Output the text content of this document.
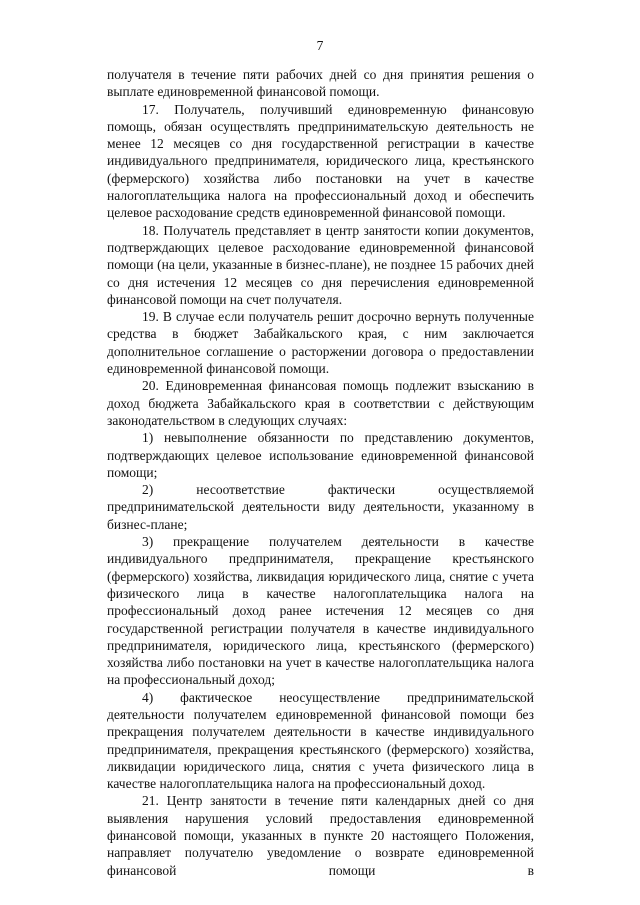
7

получателя в течение пяти рабочих дней со дня принятия решения о выплате единовременной финансовой помощи.

17. Получатель, получивший единовременную финансовую помощь, обязан осуществлять предпринимательскую деятельность не менее 12 месяцев со дня государственной регистрации в качестве индивидуального предпринимателя, юридического лица, крестьянского (фермерского) хозяйства либо постановки на учет в качестве налогоплательщика налога на профессиональный доход и обеспечить целевое расходование средств единовременной финансовой помощи.

18. Получатель представляет в центр занятости копии документов, подтверждающих целевое расходование единовременной финансовой помощи (на цели, указанные в бизнес-плане), не позднее 15 рабочих дней со дня истечения 12 месяцев со дня перечисления единовременной финансовой помощи на счет получателя.

19. В случае если получатель решит досрочно вернуть полученные средства в бюджет Забайкальского края, с ним заключается дополнительное соглашение о расторжении договора о предоставлении единовременной финансовой помощи.

20. Единовременная финансовая помощь подлежит взысканию в доход бюджета Забайкальского края в соответствии с действующим законодательством в следующих случаях:

1) невыполнение обязанности по представлению документов, подтверждающих целевое использование единовременной финансовой помощи;

2) несоответствие фактически осуществляемой предпринимательской деятельности виду деятельности, указанному в бизнес-плане;

3) прекращение получателем деятельности в качестве индивидуального предпринимателя, прекращение крестьянского (фермерского) хозяйства, ликвидация юридического лица, снятие с учета физического лица в качестве налогоплательщика налога на профессиональный доход ранее истечения 12 месяцев со дня государственной регистрации получателя в качестве индивидуального предпринимателя, юридического лица, крестьянского (фермерского) хозяйства либо постановки на учет в качестве налогоплательщика налога на профессиональный доход;

4) фактическое неосуществление предпринимательской деятельности получателем единовременной финансовой помощи без прекращения получателем деятельности в качестве индивидуального предпринимателя, прекращения крестьянского (фермерского) хозяйства, ликвидации юридического лица, снятия с учета физического лица в качестве налогоплательщика налога на профессиональный доход.

21. Центр занятости в течение пяти календарных дней со дня выявления нарушения условий предоставления единовременной финансовой помощи, указанных в пункте 20 настоящего Положения, направляет получателю уведомление о возврате единовременной финансовой помощи в
